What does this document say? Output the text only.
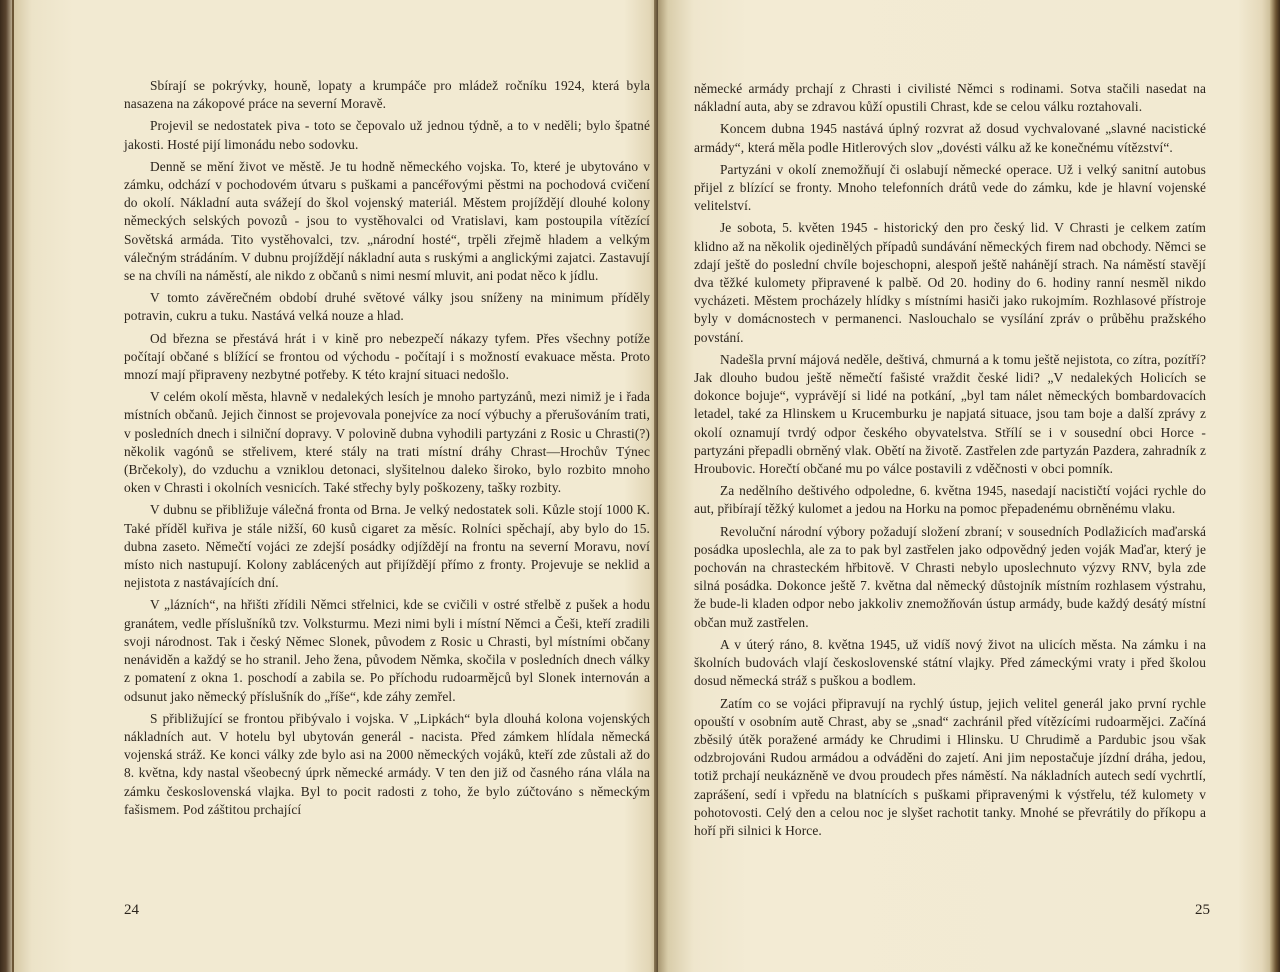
Sbírají se pokrývky, houně, lopaty a krumpáče pro mládež ročníku 1924, která byla nasazena na zákopové práce na severní Moravě.

Projevil se nedostatek piva - toto se čepovalo už jednou týdně, a to v neděli; bylo špatné jakosti. Hosté pijí limonádu nebo sodovku.

Denně se mění život ve městě. Je tu hodně německého vojska. To, které je ubytováno v zámku, odchází v pochodovém útvaru s puškami a pancéřovými pěstmi na pochodová cvičení do okolí. Nákladní auta svážejí do škol vojenský materiál. Městem projíždějí dlouhé kolony německých selských povozů - jsou to vystěhovalci od Vratislavi, kam postoupila vítězící Sovětská armáda. Tito vystěhovalci, tzv. „národní hosté“, trpěli zřejmě hladem a velkým válečným strádáním. V dubnu projíždějí nákladní auta s ruskými a anglickými zajatci. Zastavují se na chvíli na náměstí, ale nikdo z občanů s nimi nesmí mluvit, ani podat něco k jídlu.

V tomto závěrečném období druhé světové války jsou sníženy na minimum příděly potravin, cukru a tuku. Nastává velká nouze a hlad.

Od března se přestává hrát i v kině pro nebezpečí nákazy tyfem. Přes všechny potíže počítají občané s blížící se frontou od východu - počítají i s možností evakuace města. Proto mnozí mají připraveny nezbytné potřeby. K této krajní situaci nedošlo.

V celém okolí města, hlavně v nedalekých lesích je mnoho partyzánů, mezi nimiž je i řada místních občanů. Jejich činnost se projevovala ponejvíce za nocí výbuchy a přerušováním trati, v posledních dnech i silniční dopravy. V polovině dubna vyhodili partyzáni z Rosic u Chrasti(?) několik vagónů se střelivem, které stály na trati místní dráhy Chrast—Hrochův Týnec (Brčekoly), do vzduchu a vzniklou detonaci, slyšitelnou daleko široko, bylo rozbito mnoho oken v Chrasti i okolních vesnicích. Také střechy byly poškozeny, tašky rozbity.

V dubnu se přibližuje válečná fronta od Brna. Je velký nedostatek soli. Kůzle stojí 1000 K. Také příděl kuřiva je stále nižší, 60 kusů cigaret za měsíc. Rolníci spěchají, aby bylo do 15. dubna zaseto. Němečtí vojáci ze zdejší posádky odjíždějí na frontu na severní Moravu, noví místo nich nastupují. Kolony zablácených aut přijíždějí přímo z fronty. Projevuje se neklid a nejistota z nastávajících dní.

V „lázních“, na hřišti zřídili Němci střelnici, kde se cvičili v ostré střelbě z pušek a hodu granátem, vedle příslušníků tzv. Volksturmu. Mezi nimi byli i místní Němci a Češi, kteří zradili svoji národnost. Tak i český Němec Slonek, původem z Rosic u Chrasti, byl místními občany nenáviděn a každý se ho stranil. Jeho žena, původem Němka, skočila v posledních dnech války z pomatení z okna 1. poschodí a zabila se. Po příchodu rudoarmějců byl Slonek internován a odsunut jako německý příslušník do „říše“, kde záhy zemřel.

S přibližující se frontou přibývalo i vojska. V „Lipkách“ byla dlouhá kolona vojenských nákladních aut. V hotelu byl ubytován generál - nacista. Před zámkem hlídala německá vojenská stráž. Ke konci války zde bylo asi na 2000 německých vojáků, kteří zde zůstali až do 8. května, kdy nastal všeobecný úprk německé armády. V ten den již od časného rána vlála na zámku československá vlajka. Byl to pocit radosti z toho, že bylo zúčtováno s německým fašismem. Pod záštitou prchající

24

německé armády prchají z Chrasti i civilisté Němci s rodinami. Sotva stačili nasedat na nákladní auta, aby se zdravou kůží opustili Chrast, kde se celou válku roztahovali.

Koncem dubna 1945 nastává úplný rozvrat až dosud vychvalované „slavné nacistické armády“, která měla podle Hitlerových slov „dovésti válku až ke konečnému vítězství“.

Partyzáni v okolí znemožňují či oslabují německé operace. Už i velký sanitní autobus přijel z blízící se fronty. Mnoho telefonních drátů vede do zámku, kde je hlavní vojenské velitelství.

Je sobota, 5. květen 1945 - historický den pro český lid. V Chrasti je celkem zatím klidno až na několik ojedinělých případů sundávání německých firem nad obchody. Němci se zdají ještě do poslední chvíle bojeschopni, alespoň ještě nahánějí strach. Na náměstí stavějí dva těžké kulomety připravené k palbě. Od 20. hodiny do 6. hodiny ranní nesměl nikdo vycházeti. Městem procházely hlídky s místními hasiči jako rukojmím. Rozhlasové přístroje byly v domácnostech v permanenci. Naslouchalo se vysílání zpráv o průběhu pražského povstání.

Nadešla první májová neděle, deštivá, chmurná a k tomu ještě nejistota, co zítra, pozítří? Jak dlouho budou ještě němečtí fašisté vraždit české lidi? „V nedalekých Holicích se dokonce bojuje“, vyprávějí si lidé na potkání, „byl tam nálet německých bombardovacích letadel, také za Hlinskem u Krucemburku je napjatá situace, jsou tam boje a další zprávy z okolí oznamují tvrdý odpor českého obyvatelstva. Střílí se i v sousední obci Horce - partyzáni přepadli obrněný vlak. Obětí na životě. Zastřelen zde partyzán Pazdera, zahradník z Hroubovic. Horečtí občané mu po válce postavili z vděčnosti v obci pomník.

Za nedělního deštivého odpoledne, 6. května 1945, nasedají nacističtí vojáci rychle do aut, přibírají těžký kulomet a jedou na Horku na pomoc přepadenému obrněnému vlaku.

Revoluční národní výbory požadují složení zbraní; v sousedních Podlažicích maďarská posádka uposlechla, ale za to pak byl zastřelen jako odpovědný jeden voják Maďar, který je pochován na chrasteckém hřbitově. V Chrasti nebylo uposlechnuto výzvy RNV, byla zde silná posádka. Dokonce ještě 7. května dal německý důstojník místním rozhlasem výstrahu, že bude-li kladen odpor nebo jakkoliv znemožňován ústup armády, bude každý desátý místní občan muž zastřelen.

A v úterý ráno, 8. května 1945, už vidíš nový život na ulicích města. Na zámku i na školních budovách vlají československé státní vlajky. Před zámeckými vraty i před školou dosud německá stráž s puškou a bodlem.

Zatím co se vojáci připravují na rychlý ústup, jejich velitel generál jako první rychle opouští v osobním autě Chrast, aby se „snad“ zachránil před vítězícími rudoarmějci. Začíná zběsilý útěk poražené armády ke Chrudimi i Hlinsku. U Chrudimě a Pardubic jsou však odzbrojováni Rudou armádou a odváděni do zajetí. Ani jim nepostačuje jízdní dráha, jedou, totiž prchají neukázněně ve dvou proudech přes náměstí. Na nákladních autech sedí vychrtlí, zaprášení, sedí i vpředu na blatnících s puškami připravenými k výstřelu, též kulomety v pohotovosti. Celý den a celou noc je slyšet rachotit tanky. Mnohé se převrátily do příkopu a hoří při silnici k Horce.

25
